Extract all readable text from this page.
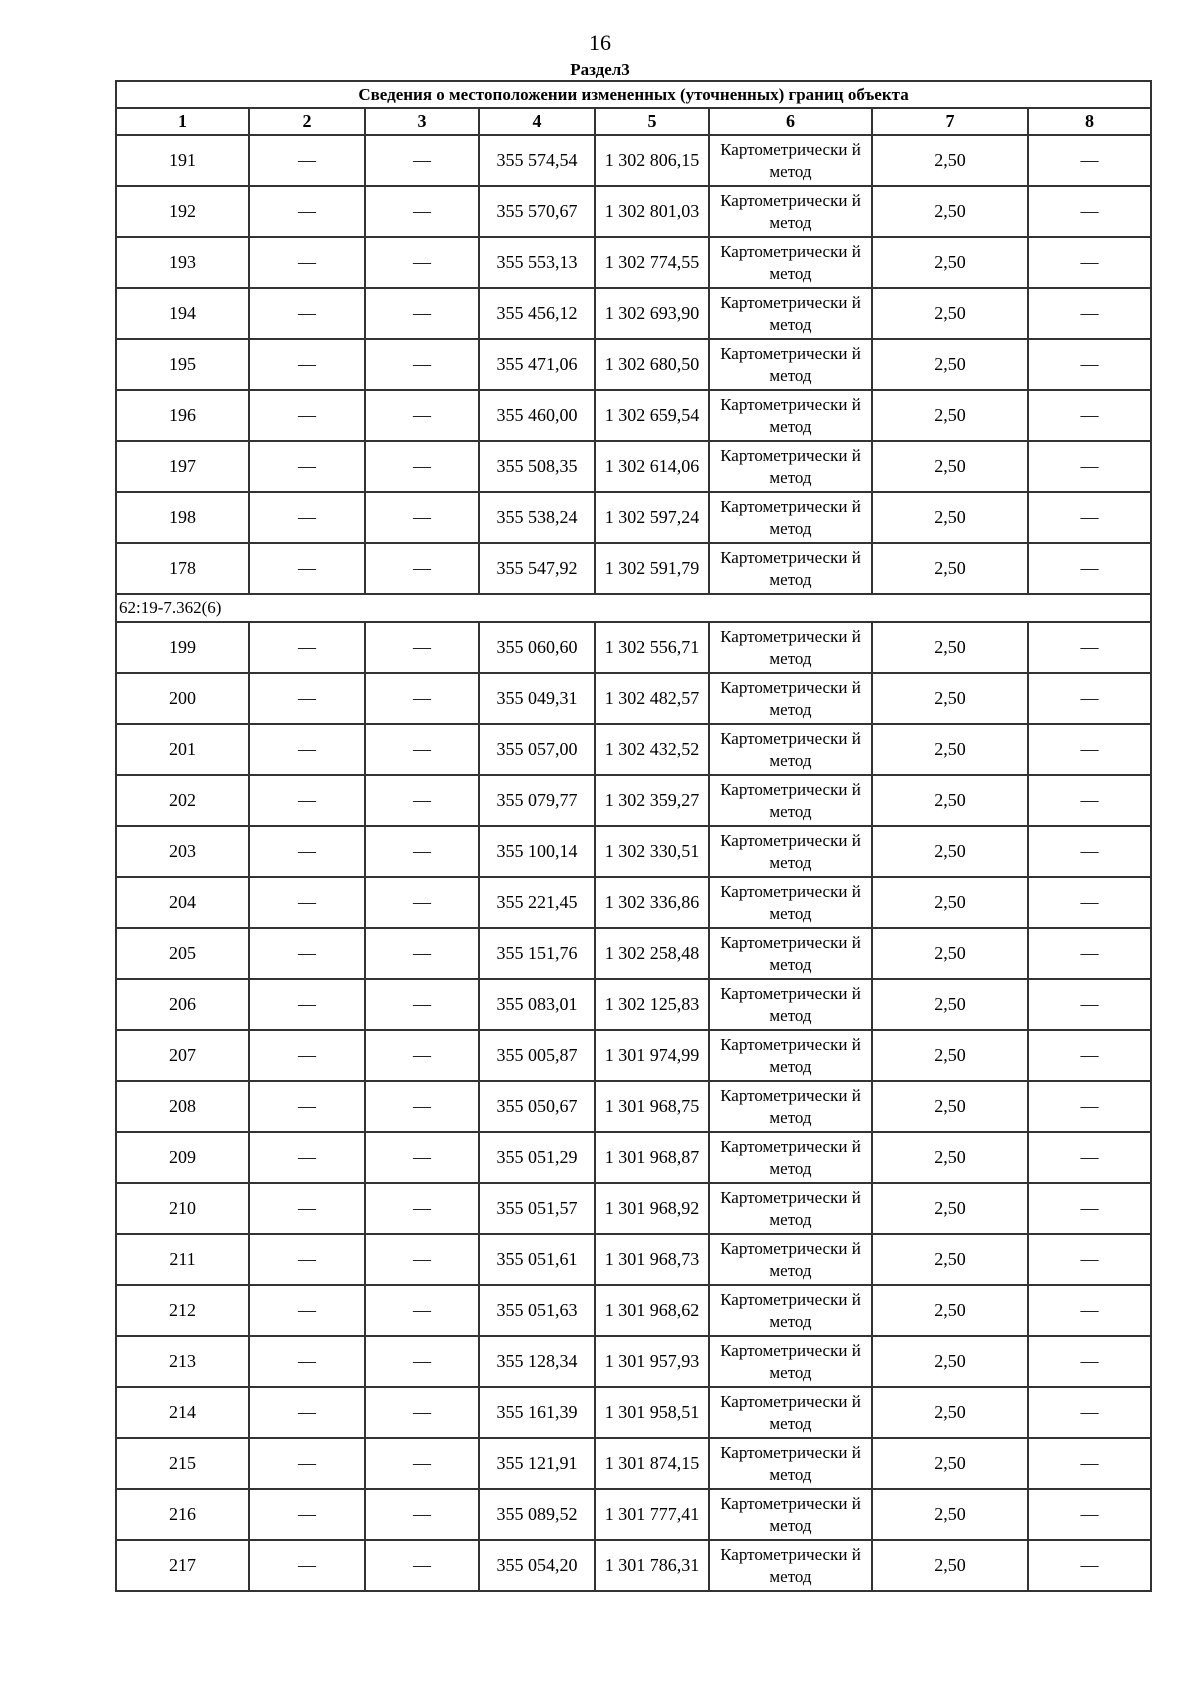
16
Раздел3
Сведения о местоположении измененных (уточненных) границ объекта							
1	2	3	4	5	6	7	8
191	—	—	355 574,54	1 302 806,15	Картометрически й метод	2,50	—
192	—	—	355 570,67	1 302 801,03	Картометрически й метод	2,50	—
193	—	—	355 553,13	1 302 774,55	Картометрически й метод	2,50	—
194	—	—	355 456,12	1 302 693,90	Картометрически й метод	2,50	—
195	—	—	355 471,06	1 302 680,50	Картометрически й метод	2,50	—
196	—	—	355 460,00	1 302 659,54	Картометрически й метод	2,50	—
197	—	—	355 508,35	1 302 614,06	Картометрически й метод	2,50	—
198	—	—	355 538,24	1 302 597,24	Картометрически й метод	2,50	—
178	—	—	355 547,92	1 302 591,79	Картометрически й метод	2,50	—
62:19-7.362(6)							
199	—	—	355 060,60	1 302 556,71	Картометрически й метод	2,50	—
200	—	—	355 049,31	1 302 482,57	Картометрически й метод	2,50	—
201	—	—	355 057,00	1 302 432,52	Картометрически й метод	2,50	—
202	—	—	355 079,77	1 302 359,27	Картометрически й метод	2,50	—
203	—	—	355 100,14	1 302 330,51	Картометрически й метод	2,50	—
204	—	—	355 221,45	1 302 336,86	Картометрически й метод	2,50	—
205	—	—	355 151,76	1 302 258,48	Картометрически й метод	2,50	—
206	—	—	355 083,01	1 302 125,83	Картометрически й метод	2,50	—
207	—	—	355 005,87	1 301 974,99	Картометрически й метод	2,50	—
208	—	—	355 050,67	1 301 968,75	Картометрически й метод	2,50	—
209	—	—	355 051,29	1 301 968,87	Картометрически й метод	2,50	—
210	—	—	355 051,57	1 301 968,92	Картометрически й метод	2,50	—
211	—	—	355 051,61	1 301 968,73	Картометрически й метод	2,50	—
212	—	—	355 051,63	1 301 968,62	Картометрически й метод	2,50	—
213	—	—	355 128,34	1 301 957,93	Картометрически й метод	2,50	—
214	—	—	355 161,39	1 301 958,51	Картометрически й метод	2,50	—
215	—	—	355 121,91	1 301 874,15	Картометрически й метод	2,50	—
216	—	—	355 089,52	1 301 777,41	Картометрически й метод	2,50	—
217	—	—	355 054,20	1 301 786,31	Картометрически й метод	2,50	—
